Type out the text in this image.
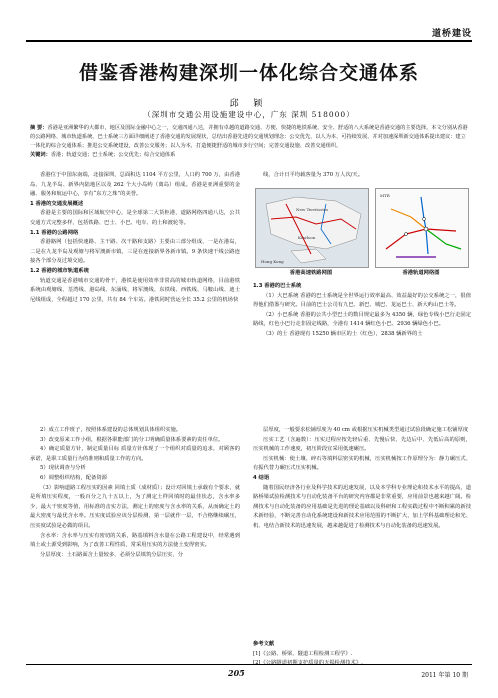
道桥建设
借鉴香港构建深圳一体化综合交通体系
邱 颖
（深圳市交通公用设施建设中心，广东 深圳 518000）
摘 要：香港是亚洲繁华的大都市，地区及国际金融中心之一，交通四通八达，并拥有卓越的道路交通、方便、快捷的地铁系统、安全、舒适的八大系统是香港交通的主要选择。本文分别从香港的公路网络、城市轨道系统、巴士系统三方面详细阐述了香港交通的发展现状，总结出香港先进的交通规划理念：公交优先、以人为本、可持续发展，并对加速深圳新交通体系提出建议：建立一体化的综合交通体系；推进公交系统建设，改善公交服务；以人为本，打造便捷舒适的城市步行空间；完善交通设施、改善交通组织。
关键词：香港；轨道交通；巴士系统；公交优先；综合交通体系

香港位于中国东南端，北接深圳，总面积达 1104 平方公里，人口约 700 万，由香港岛、九龙半岛、新界内陆地区以及 262 个大小岛屿（离岛）组成。香港是亚洲重要的金融、服务和航运中心，享有“东方之珠”的美誉。

1 香港的交通发展概述

香港是主要的国际和区域航空中心，是全球第二大货柜港，道路网络四通八达，公共交通方式完整多样，包括铁路、巴士、小巴、电车、的士和渡轮等。

1.1 香港的公路网络

香港路网（包括快速路、主干路、次干路和支路）主要由三部分组成，一是在港岛，二是在九龙半岛及观塘与将军澳新市镇，三是在连接新界各新市镇。9 条快速干线公路连接各个部分及过境交通。

1.2 香港的城市轨道系统

轨道交通是香港城市交通的骨干，港铁是使用效率非常高的城市轨道网络，目前港铁系统由观塘线、荃湾线、港岛线、东涌线、将军澳线、东铁线、西铁线、马鞍山线、迪士尼线组成，全程超过 170 公里，共有 84 个车站。港铁同时营运全长 35.2 公里的机场快

线，合计日平均载客量为 370 万人次/天。

New Territories
Kowloon
Hong Kong
MTR
香港高速铁路网图	香港轨道网络图

1.3 香港的巴士系统

（1）大巴系统 香港的巴士系统是全世界运行效率最高、效益最好的公交系统之一，很值得他们借鉴与研究。目前的巴士公司有九巴、新巴、城巴、龙运巴士、新大屿山巴士等。

（2）小巴系统 香港的公共小型巴士的数目规定最多为 4350 辆，绿色专线小巴行走固定路线，红色小巴行走非固定线路，全港有 1414 辆红色小巴、2936 辆绿色小巴。

（3）的士 香港现有 15250 辆市区的士（红色），2838 辆新界的士

2）成立工作班子，按照体系建设的总体规划具体组织实施。

3）改变原来工作小组，根据各职能部门的分工明确质量体系要素的责任单位。

4）确定质量方针，制定质量目标 质量方针体现了一个组织对质量的追求，对顾客的承诺，是职工质量行为的准则和质量工作的方向。

5）现状调查与分析

6）调整组织结构，配备资源

（3）影响道路工程压实的因素 回填土质（成材质）；设计对回填土承载有个要求，就是所填压实程度，一般百分之九十五以上，为了测定土样回填时的最佳状态，含水率多少，最大干密度等值，用标准的击实方法，测定土的密度与含水率的关系，从而确定土的最大密度与最优含水率。压实度试验应该分层检测，第一层就作一层，不合格继续碾压，压实度试验是必做的项目。

含水率：含水率与压实有密切的关系，路基填料含水量在公路工程建设中，经常遇到填土或土源受到影响，为了改善工程性质，常采用压实的方法使土变得密实。

分层厚度：土石路面含土量较多，必须分层填筑分层压实，分

层厚度，一般要求松铺厚度为 40 cm 或根据压实机械类型通过试验段确定施工松铺厚度

压实工艺（含遍数）：压实过程应按先轻后重、先慢后快、先边后中、先低后高的原则，压实机械的工作速度，初压阶段宜采用低速碾压。

压实机械：使土壤、碎石等填料层密实的机械，压实机械按工作原理分为：静力碾压式、有振代替力碾压式压实机械。

4 结语

随着国民经济各行业及科学技术的迅速发展，以及本学科专业理论和技术水平的提高，道路桥梁试验检测技术与自动化装备平台的研究内容都是非常重要，应用前景也越来越广阔。检测技术与自动化装备的应用基础是先进的理论基础以及科研和工程实践过程中不断积累的新技术新经验，不断完善自动化系统建设和新技术应用范围的不断扩大，加上学科基础理论和光、机、电结合新技术的迅速发展，越来越促进了检测技术与自动化装备的迅速发展。

参考文献
[1]《公路、桥梁、隧道工程检测工程学》.
205	2011 年第 10 期
